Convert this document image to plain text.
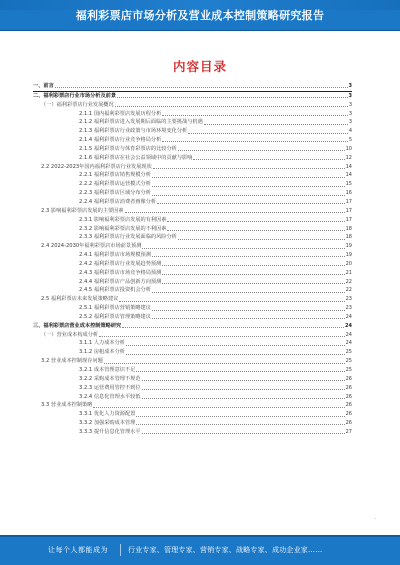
福利彩票店市场分析及营业成本控制策略研究报告
内容目录
一、前言	3
二、福利彩票店行业市场分析及前景	3
（一）福利彩票店行业发展概况	3
2.1.1 国内福利彩票店发展历程分析	3
2.1.2 福利彩票店进入发展期后面临的主要挑战与机遇	3
2.1.3 福利彩票店行业政策与市场环境变化分析	4
2.1.4 福利彩票店行业竞争格局分析	5
2.1.5 福利彩票店与体育彩票店的比较分析	10
2.1.6 福利彩票店在社会公益领域中的贡献与影响	12
2.2 2022-2023年国内福利彩票店行业发展现状	14
2.2.1 福利彩票店销售规模分析	14
2.2.2 福利彩票店运营模式分析	15
2.2.3 福利彩票店区域分布分析	16
2.2.4 福利彩票店消费者画像分析	17
2.3 影响福利彩票店发展的主要因素	17
2.3.1 影响福利彩票店发展的有利因素	17
2.3.2 影响福利彩票店发展的不利因素	18
2.3.3 福利彩票店行业发展面临的风险分析	18
2.4 2024-2030年福利彩票店市场前景预测	19
2.4.1 福利彩票店市场规模预测	19
2.4.2 福利彩票店行业发展趋势预测	20
2.4.3 福利彩票店市场竞争格局预测	21
2.4.4 福利彩票店产品创新方向预测	22
2.4.5 福利彩票店投资机会分析	22
2.5 福利彩票店未来发展策略建议	23
2.5.1 福利彩票店营销策略建议	23
2.5.2 福利彩票店管理策略建议	24
三、福利彩票店营业成本控制策略研究	24
（一）营业成本构成分析	24
3.1.1 人力成本分析	24
3.1.2 房租成本分析	25
3.2 营业成本控制现存问题	25
3.2.1 成本管理意识不足	25
3.2.2 采购成本管理不规范	26
3.2.3 运营费用管控不到位	26
3.2.4 信息化管理水平较低	26
3.3 营业成本控制策略	26
3.3.1 优化人力资源配置	26
3.3.2 加强采购成本管理	26
3.3.3 提升信息化管理水平	27
·
让每个人都能成为	行业专家、管理专家、营销专家、战略专家、成功企业家……
